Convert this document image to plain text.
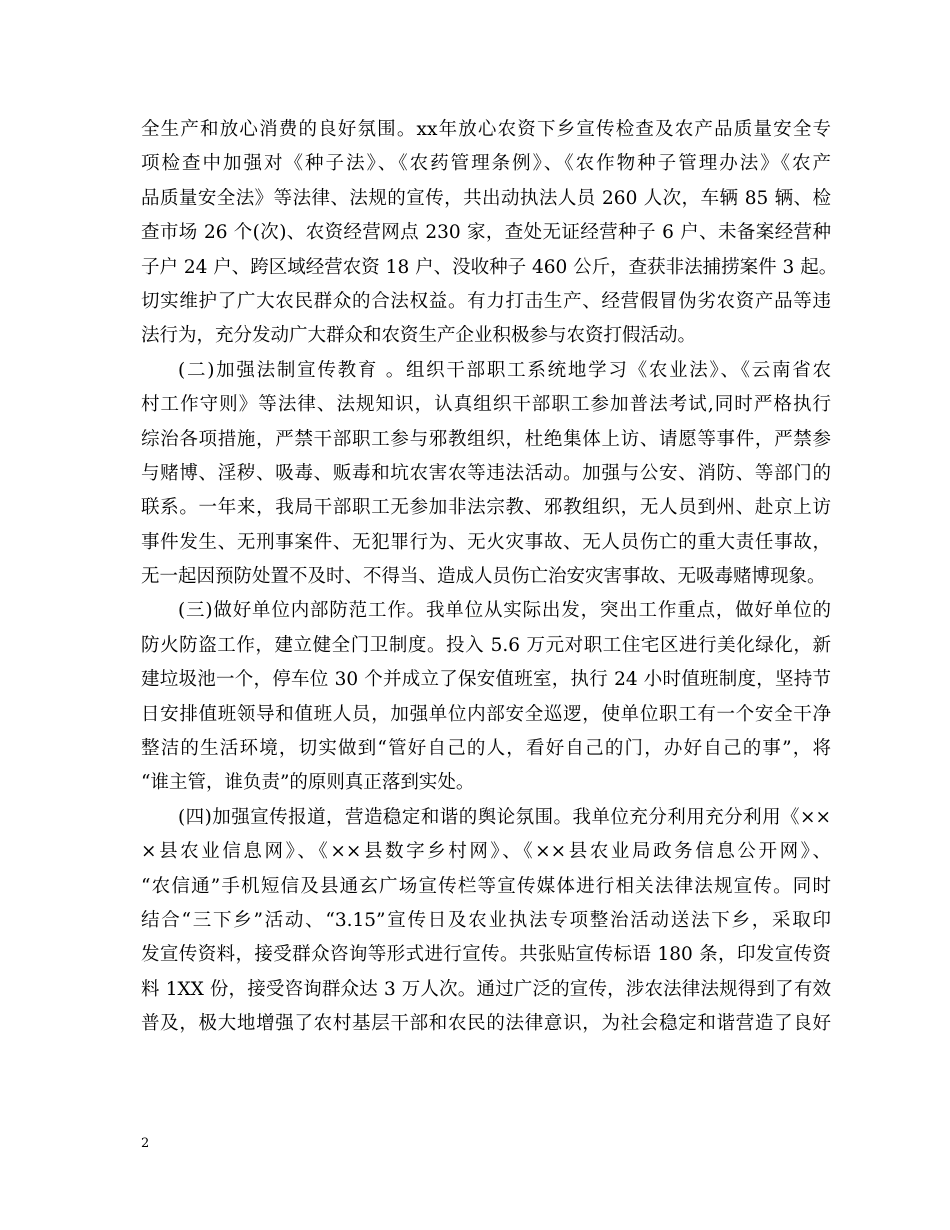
全生产和放心消费的良好氛围。xx年放心农资下乡宣传检查及农产品质量安全专
项检查中加强对《种子法》、《农药管理条例》、《农作物种子管理办法》《农产
品质量安全法》等法律、法规的宣传，共出动执法人员 260 人次，车辆 85 辆、检
查市场 26 个(次)、农资经营网点 230 家，查处无证经营种子 6 户、未备案经营种
子户 24 户、跨区域经营农资 18 户、没收种子 460 公斤，查获非法捕捞案件 3 起。
切实维护了广大农民群众的合法权益。有力打击生产、经营假冒伪劣农资产品等违
法行为，充分发动广大群众和农资生产企业积极参与农资打假活动。
(二)加强法制宣传教育 。组织干部职工系统地学习《农业法》、《云南省农
村工作守则》等法律、法规知识，认真组织干部职工参加普法考试,同时严格执行
综治各项措施，严禁干部职工参与邪教组织，杜绝集体上访、请愿等事件，严禁参
与赌博、淫秽、吸毒、贩毒和坑农害农等违法活动。加强与公安、消防、等部门的
联系。一年来，我局干部职工无参加非法宗教、邪教组织，无人员到州、赴京上访
事件发生、无刑事案件、无犯罪行为、无火灾事故、无人员伤亡的重大责任事故，
无一起因预防处置不及时、不得当、造成人员伤亡治安灾害事故、无吸毒赌博现象。
(三)做好单位内部防范工作。我单位从实际出发，突出工作重点，做好单位的
防火防盗工作，建立健全门卫制度。投入 5.6 万元对职工住宅区进行美化绿化，新
建垃圾池一个，停车位 30 个并成立了保安值班室，执行 24 小时值班制度，坚持节
日安排值班领导和值班人员，加强单位内部安全巡逻，使单位职工有一个安全干净
整洁的生活环境，切实做到“管好自己的人，看好自己的门，办好自己的事”，将
“谁主管，谁负责”的原则真正落到实处。
(四)加强宣传报道，营造稳定和谐的舆论氛围。我单位充分利用充分利用《××
×县农业信息网》、《××县数字乡村网》、《××县农业局政务信息公开网》、
“农信通”手机短信及县通玄广场宣传栏等宣传媒体进行相关法律法规宣传。同时
结合“三下乡”活动、“3.15”宣传日及农业执法专项整治活动送法下乡，采取印
发宣传资料，接受群众咨询等形式进行宣传。共张贴宣传标语 180 条，印发宣传资
料 1XX 份，接受咨询群众达 3 万人次。通过广泛的宣传，涉农法律法规得到了有效
普及，极大地增强了农村基层干部和农民的法律意识，为社会稳定和谐营造了良好
2
